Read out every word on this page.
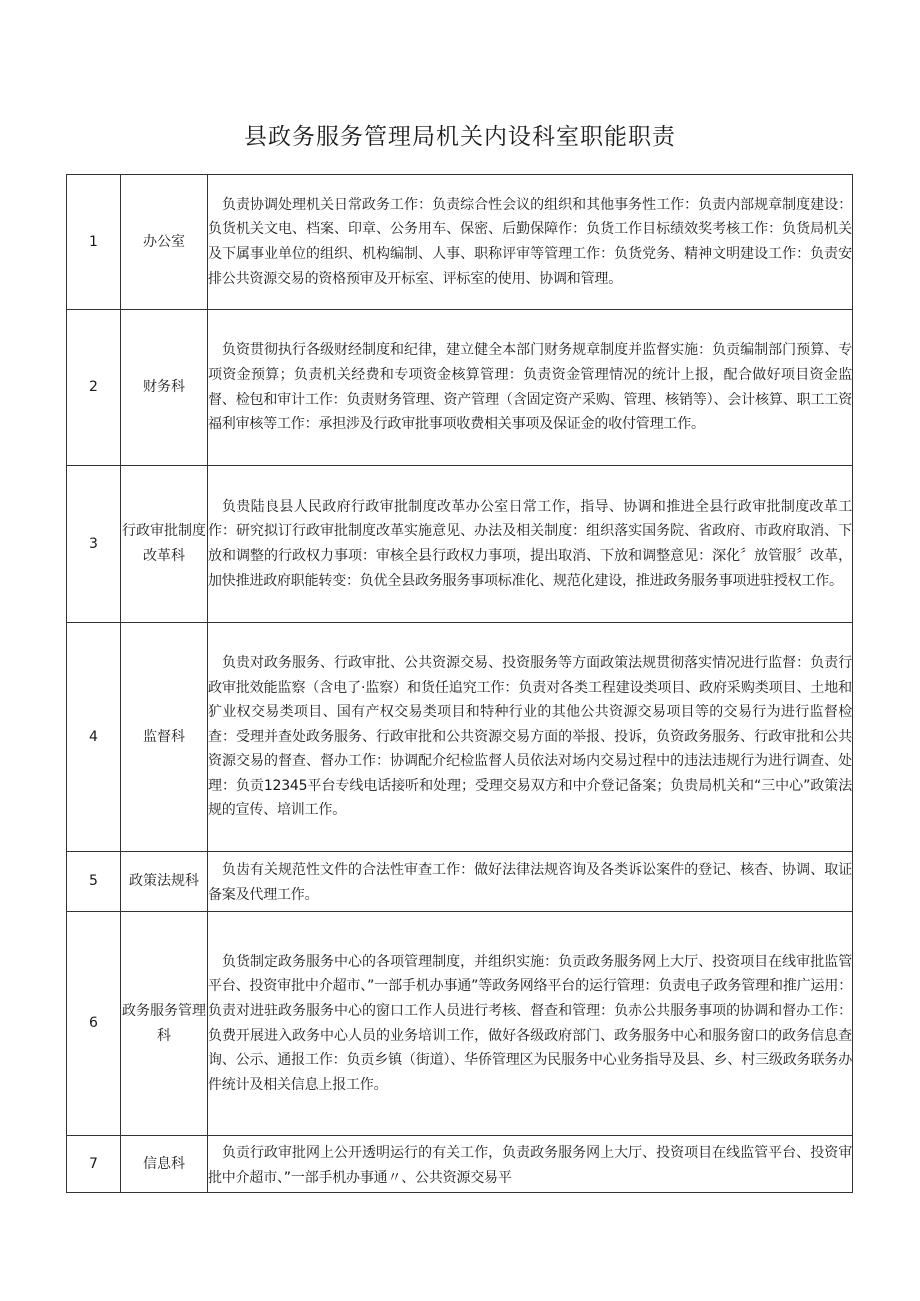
县政务服务管理局机关内设科室职能职责
1	办公室	负责协调处理机关日常政务工作：负责综合性会议的组织和其他事务性工作：负责内部规章制度建设：负货机关文电、档案、印章、公务用车、保密、后勤保障作：负货工作目标绩效奖考核工作：负货局机关及下属事业单位的组织、机构编制、人事、职称评审等管理工作：负货党务、精神文明建设工作：负责安排公共资源交易的资格预审及开标室、评标室的使用、协调和管理。
2	财务科	负资贯彻执行各级财经制度和纪律，建立健全本部门财务规章制度并监督实施：负贡编制部门预算、专项资金预算；负责机关经费和专项资金核算管理：负责资金管理情况的统计上报，配合做好项目资金监督、检包和审计工作：负责财务管理、资产管理（含固定资产采购、管理、核销等）、会计核算、职工工资福利审核等工作：承担涉及行政审批事项收费相关事项及保证金的收付管理工作。
3	行政审批制度改革科	负贵陆良县人民政府行政审批制度改革办公室日常工作，指导、协调和推进全县行政审批制度改革工作：研究拟订行政审批制度改革实施意见、办法及相关制度：组织落实国务院、省政府、市政府取消、下放和调整的行政权力事项：审核全县行政权力事项，提出取消、下放和调整意见：深化〞放管服〞改革，加快推进政府职能转变：负优全县政务服务事项标准化、规范化建设，推进政务服务事项进驻授权工作。
4	监督科	负贵对政务服务、行政审批、公共资源交易、投资服务等方面政策法规贯彻落实情况进行监督：负责行政审批效能监察（含电了·监察）和货任追究工作：负责对各类工程建设类项目、政府采购类项目、土地和犷业权交易类项目、国有产权交易类项目和特种行业的其他公共资源交易项目等的交易行为进行监督检查：受理并查处政务服务、行政审批和公共资源交易方面的举报、投诉，负资政务服务、行政审批和公共资源交易的督查、督办工作：协调配介纪检监督人员依法对场内交易过程中的违法违规行为进行调查、处理：负贡12345平台专线电话接听和处理；受理交易双方和中介登记备案；负贵局机关和“三中心”政策法规的宣传、培训工作。
5	政策法规科	负齿有关规范性文件的合法性审查工作：做好法律法规咨询及各类诉讼案件的登记、核杳、协调、取证备案及代理工作。
6	政务服务管理科	负货制定政务服务中心的各项管理制度，并组织实施：负贡政务服务网上大厅、投资项目在线审批监管平台、投资审批中介超市、”一部手机办事通”等政务网络平台的运行管理：负责电子政务管理和推广运用：负责对进驻政务服务中心的窗口工作人员进行考核、督查和管理：负赤公共服务事项的协调和督办工作：负费开展进入政务中心人员的业务培训工作，做好各级政府部门、政务服务中心和服务窗口的政务信息查询、公示、通报工作：负贡乡镇（街道）、华侨管理区为民服务中心业务指导及县、乡、村三级政务联务办件统计及相关信息上报工作。
7	信息科	负贡行政审批网上公开透明运行的有关工作，负责政务服务网上大厅、投资项目在线监管平台、投资审批中介超市、”一部手机办事通〃、公共资源交易平
